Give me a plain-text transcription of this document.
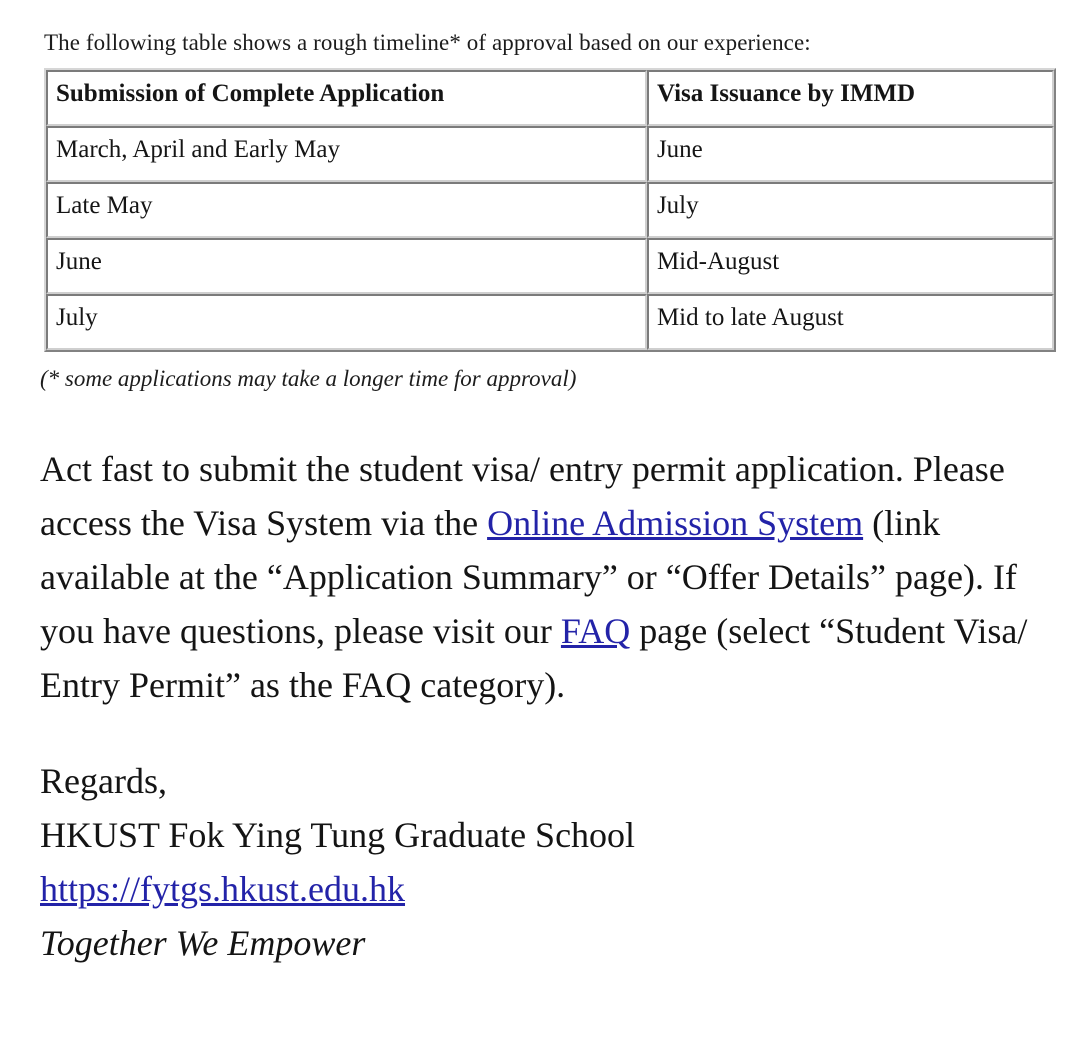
The following table shows a rough timeline* of approval based on our experience:

Submission of Complete Application	Visa Issuance by IMMD
March, April and Early May	June
Late May	July
June	Mid-August
July	Mid to late August

(* some applications may take a longer time for approval)

Act fast to submit the student visa/ entry permit application. Please access the Visa System via the Online Admission System (link available at the “Application Summary” or “Offer Details” page). If you have questions, please visit our FAQ page (select “Student Visa/ Entry Permit” as the FAQ category).

Regards,
HKUST Fok Ying Tung Graduate School
https://fytgs.hkust.edu.hk
Together We Empower
